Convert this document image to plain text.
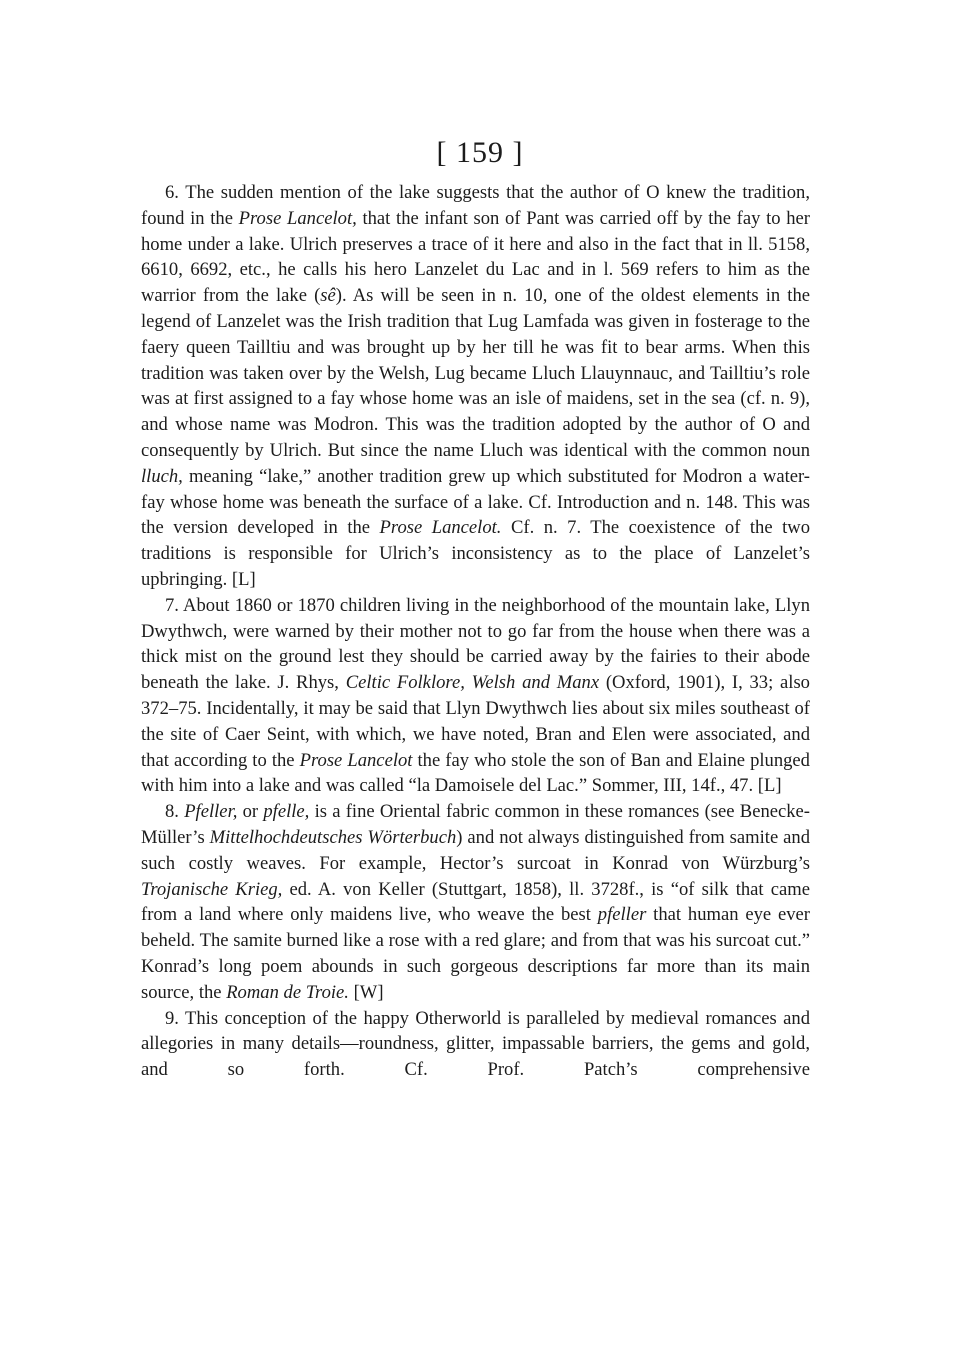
[ 159 ]

6. The sudden mention of the lake suggests that the author of O knew the tradition, found in the Prose Lancelot, that the infant son of Pant was carried off by the fay to her home under a lake. Ulrich preserves a trace of it here and also in the fact that in ll. 5158, 6610, 6692, etc., he calls his hero Lanzelet du Lac and in l. 569 refers to him as the warrior from the lake (sê). As will be seen in n. 10, one of the oldest elements in the legend of Lanzelet was the Irish tradition that Lug Lamfada was given in fosterage to the faery queen Tailltiu and was brought up by her till he was fit to bear arms. When this tradition was taken over by the Welsh, Lug became Lluch Llauynnauc, and Tailltiu’s role was at first assigned to a fay whose home was an isle of maidens, set in the sea (cf. n. 9), and whose name was Modron. This was the tradition adopted by the author of O and consequently by Ulrich. But since the name Lluch was identical with the common noun lluch, meaning “lake,” another tradition grew up which substituted for Modron a water-fay whose home was beneath the surface of a lake. Cf. Introduction and n. 148. This was the version developed in the Prose Lancelot. Cf. n. 7. The coexistence of the two traditions is responsible for Ulrich’s inconsistency as to the place of Lanzelet’s upbringing. [L]

7. About 1860 or 1870 children living in the neighborhood of the mountain lake, Llyn Dwythwch, were warned by their mother not to go far from the house when there was a thick mist on the ground lest they should be carried away by the fairies to their abode beneath the lake. J. Rhys, Celtic Folklore, Welsh and Manx (Oxford, 1901), I, 33; also 372–75. Incidentally, it may be said that Llyn Dwythwch lies about six miles southeast of the site of Caer Seint, with which, we have noted, Bran and Elen were associated, and that according to the Prose Lancelot the fay who stole the son of Ban and Elaine plunged with him into a lake and was called “la Damoisele del Lac.” Sommer, III, 14f., 47. [L]

8. Pfeller, or pfelle, is a fine Oriental fabric common in these romances (see Benecke-Müller’s Mittelhochdeutsches Wörterbuch) and not always distinguished from samite and such costly weaves. For example, Hector’s surcoat in Konrad von Würzburg’s Trojanische Krieg, ed. A. von Keller (Stuttgart, 1858), ll. 3728f., is “of silk that came from a land where only maidens live, who weave the best pfeller that human eye ever beheld. The samite burned like a rose with a red glare; and from that was his surcoat cut.” Konrad’s long poem abounds in such gorgeous descriptions far more than its main source, the Roman de Troie. [W]

9. This conception of the happy Otherworld is paralleled by medieval romances and allegories in many details—roundness, glitter, impassable barriers, the gems and gold, and so forth. Cf. Prof. Patch’s comprehensive
